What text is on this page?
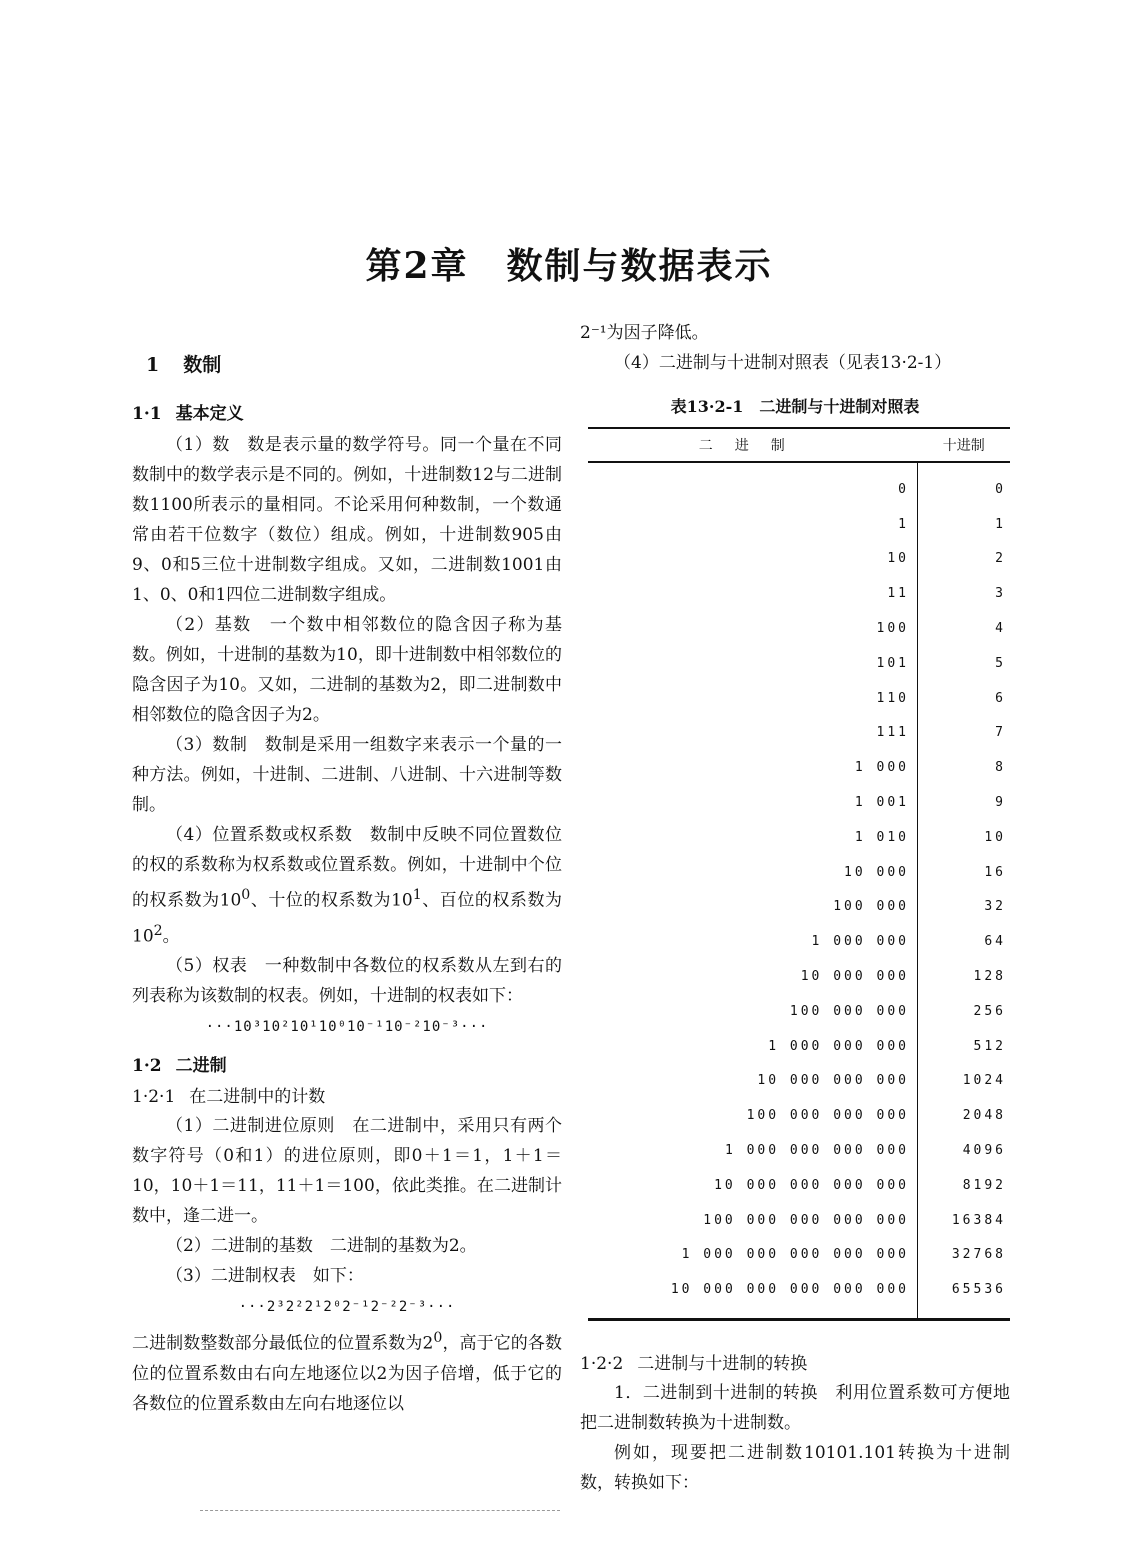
第2章　数制与数据表示
1 数制
1·1 基本定义

（1）数　数是表示量的数学符号。同一个量在不同数制中的数学表示是不同的。例如，十进制数12与二进制数1100所表示的量相同。不论采用何种数制，一个数通常由若干位数字（数位）组成。例如，十进制数905由9、0和5三位十进制数字组成。又如，二进制数1001由1、0、0和1四位二进制数字组成。

（2）基数　一个数中相邻数位的隐含因子称为基数。例如，十进制的基数为10，即十进制数中相邻数位的隐含因子为10。又如，二进制的基数为2，即二进制数中相邻数位的隐含因子为2。

（3）数制　数制是采用一组数字来表示一个量的一种方法。例如，十进制、二进制、八进制、十六进制等数制。

（4）位置系数或权系数　数制中反映不同位置数位的权的系数称为权系数或位置系数。例如，十进制中个位的权系数为$10^0$、十位的权系数为$10^1$、百位的权系数为$10^2$。

（5）权表　一种数制中各数位的权系数从左到右的列表称为该数制的权表。例如，十进制的权表如下：

···10³10²10¹10⁰10⁻¹10⁻²10⁻³···
1·2 二进制
1·2·1 在二进制中的计数

（1）二进制进位原则　在二进制中，采用只有两个数字符号（0和1）的进位原则，即0＋1＝1，1＋1＝10，10＋1＝11，11＋1＝100，依此类推。在二进制计数中，逢二进一。

（2）二进制的基数　二进制的基数为2。

（3）二进制权表　如下：

···2³2²2¹2⁰2⁻¹2⁻²2⁻³···

二进制数整数部分最低位的位置系数为$2^0$，高于它的各数位的位置系数由右向左地逐位以2为因子倍增，低于它的各数位的位置系数由左向右地逐位以

2⁻¹为因子降低。

（4）二进制与十进制对照表（见表13·2-1）

表13·2-1　二进制与十进制对照表
二进制	十进制
0	0
1	1
10	2
11	3
100	4
101	5
110	6
111	7
1 000	8
1 001	9
1 010	10
10 000	16
100 000	32
1 000 000	64
10 000 000	128
100 000 000	256
1 000 000 000	512
10 000 000 000	1024
100 000 000 000	2048
1 000 000 000 000	4096
10 000 000 000 000	8192
100 000 000 000 000	16384
1 000 000 000 000 000	32768
10 000 000 000 000 000	65536
1·2·2 二进制与十进制的转换

1．二进制到十进制的转换　利用位置系数可方便地把二进制数转换为十进制数。

例如，现要把二进制数10101.101转换为十进制数，转换如下：
